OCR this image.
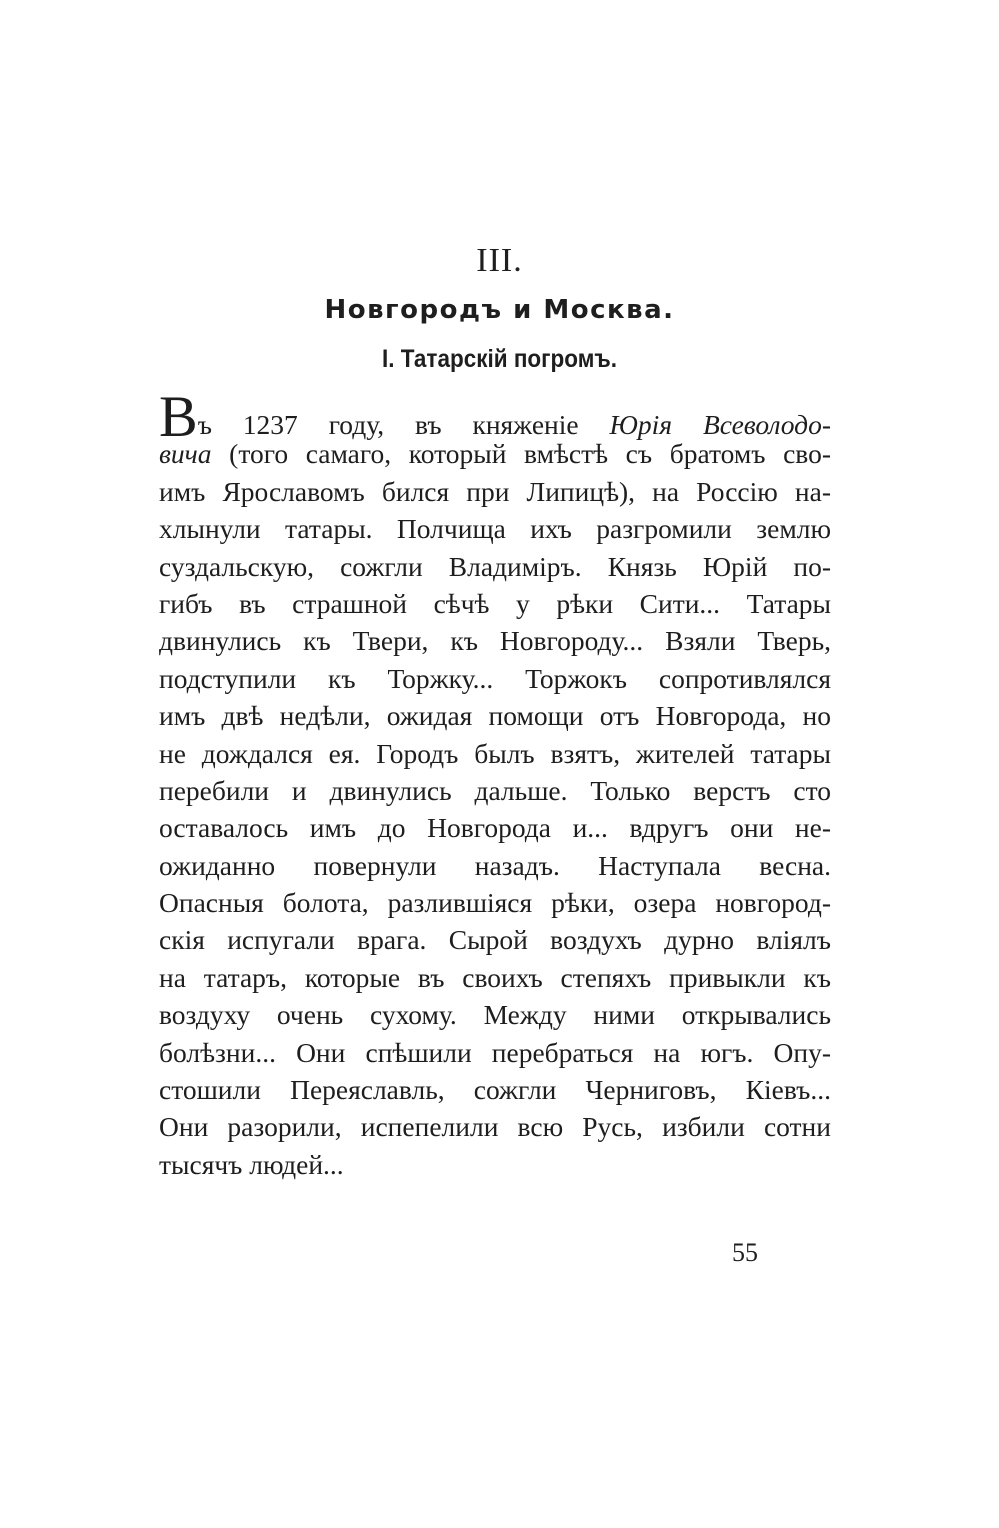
III.
Новгородъ и Москва.
I. Татарскій погромъ.
Въ 1237 году, въ княженіе Юрія Всеволодо-
вича (того самаго, который вмѣстѣ съ братомъ сво-
имъ Ярославомъ бился при Липицѣ), на Россію на-
хлынули татары. Полчища ихъ разгромили землю
суздальскую, сожгли Владиміръ. Князь Юрій по-
гибъ въ страшной сѣчѣ у рѣки Сити... Татары
двинулись къ Твери, къ Новгороду... Взяли Тверь,
подступили къ Торжку... Торжокъ сопротивлялся
имъ двѣ недѣли, ожидая помощи отъ Новгорода, но
не дождался ея. Городъ былъ взятъ, жителей татары
перебили и двинулись дальше. Только верстъ сто
оставалось имъ до Новгорода и... вдругъ они не-
ожиданно повернули назадъ. Наступала весна.
Опасныя болота, разлившіяся рѣки, озера новгород-
скія испугали врага. Сырой воздухъ дурно вліялъ
на татаръ, которые въ своихъ степяхъ привыкли къ
воздуху очень сухому. Между ними открывались
болѣзни... Они спѣшили перебраться на югъ. Опу-
стошили Переяславль, сожгли Черниговъ, Кіевъ...
Они разорили, испепелили всю Русь, избили сотни
тысячъ людей...
55
